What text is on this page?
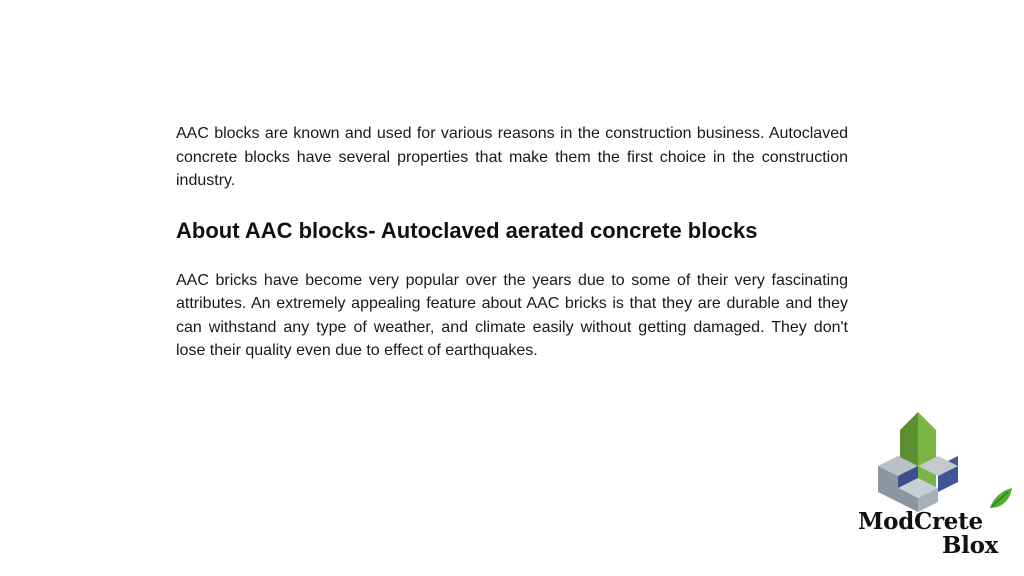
AAC blocks are known and used for various reasons in the construction business. Autoclaved concrete blocks have several properties that make them the first choice in the construction industry.

About AAC blocks- Autoclaved aerated concrete blocks

AAC bricks have become very popular over the years due to some of their very fascinating attributes. An extremely appealing feature about AAC bricks is that they are durable and they can withstand any type of weather, and climate easily without getting damaged. They don't lose their quality even due to effect of earthquakes.

ModCrete
Blox
